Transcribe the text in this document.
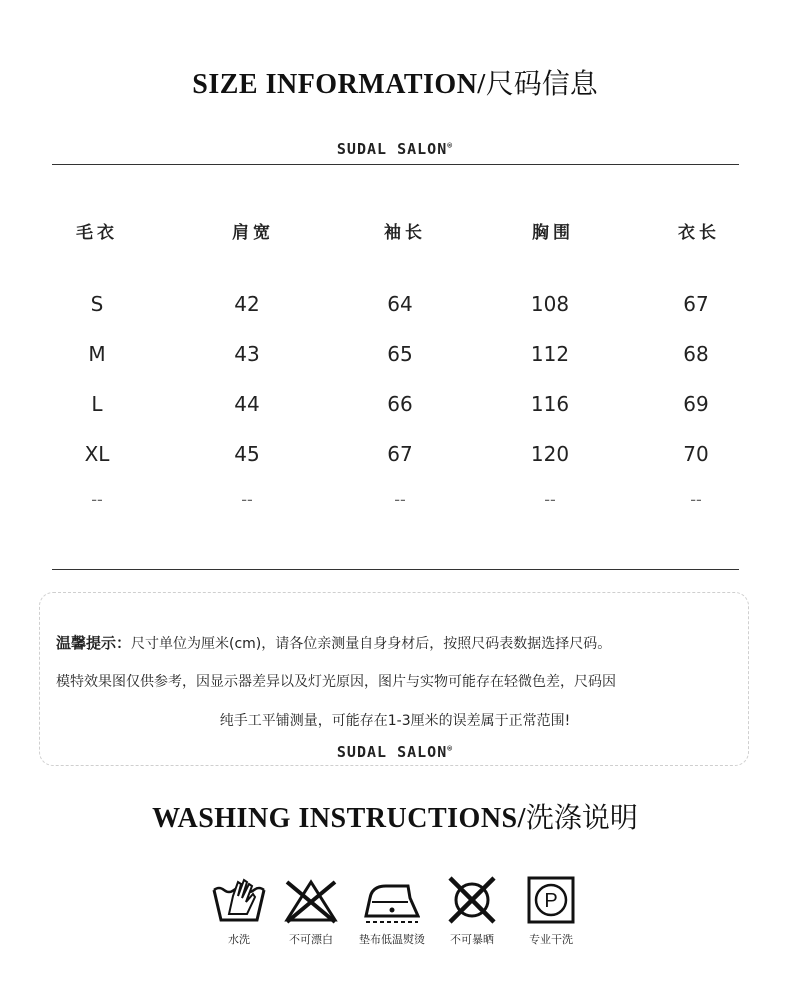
SIZE INFORMATION/尺码信息
SUDAL SALON®
毛衣	肩宽	袖长	胸围	衣长
S	42	64	108	67
M	43	65	112	68
L	44	66	116	69
XL	45	67	120	70
--	--	--	--	--
温馨提示：尺寸单位为厘米(cm)，请各位亲测量自身身材后，按照尺码表数据选择尺码。
模特效果图仅供参考，因显示器差异以及灯光原因，图片与实物可能存在轻微色差，尺码因
纯手工平铺测量，可能存在1-3厘米的误差属于正常范围!
SUDAL SALON®
WASHING INSTRUCTIONS/洗涤说明
水洗	不可漂白	垫布低温熨烫	不可暴晒
P
专业干洗
